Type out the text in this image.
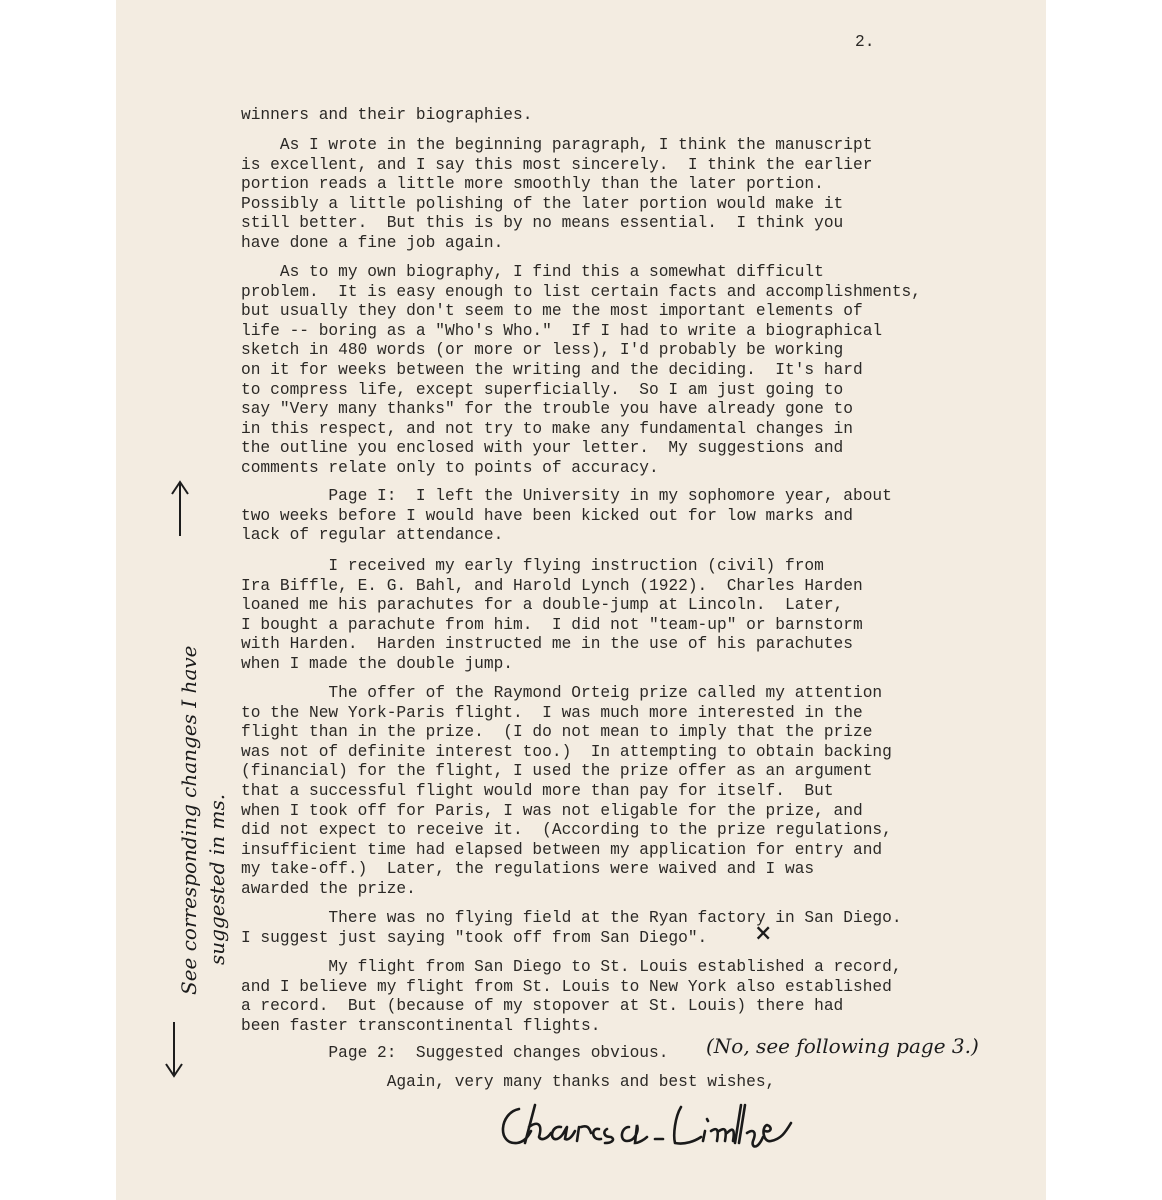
2.
winners and their biographies.
As I wrote in the beginning paragraph, I think the manuscript
is excellent, and I say this most sincerely.  I think the earlier
portion reads a little more smoothly than the later portion.
Possibly a little polishing of the later portion would make it
still better.  But this is by no means essential.  I think you
have done a fine job again.
As to my own biography, I find this a somewhat difficult
problem.  It is easy enough to list certain facts and accomplishments,
but usually they don't seem to me the most important elements of
life -- boring as a "Who's Who."  If I had to write a biographical
sketch in 480 words (or more or less), I'd probably be working
on it for weeks between the writing and the deciding.  It's hard
to compress life, except superficially.  So I am just going to
say "Very many thanks" for the trouble you have already gone to
in this respect, and not try to make any fundamental changes in
the outline you enclosed with your letter.  My suggestions and
comments relate only to points of accuracy.
Page I:  I left the University in my sophomore year, about
two weeks before I would have been kicked out for low marks and
lack of regular attendance.
I received my early flying instruction (civil) from
Ira Biffle, E. G. Bahl, and Harold Lynch (1922).  Charles Harden
loaned me his parachutes for a double-jump at Lincoln.  Later,
I bought a parachute from him.  I did not "team-up" or barnstorm
with Harden.  Harden instructed me in the use of his parachutes
when I made the double jump.
The offer of the Raymond Orteig prize called my attention
to the New York-Paris flight.  I was much more interested in the
flight than in the prize.  (I do not mean to imply that the prize
was not of definite interest too.)  In attempting to obtain backing
(financial) for the flight, I used the prize offer as an argument
that a successful flight would more than pay for itself.  But
when I took off for Paris, I was not eligable for the prize, and
did not expect to receive it.  (According to the prize regulations,
insufficient time had elapsed between my application for entry and
my take-off.)  Later, the regulations were waived and I was
awarded the prize.
There was no flying field at the Ryan factory in San Diego.
I suggest just saying "took off from San Diego".
My flight from San Diego to St. Louis established a record,
and I believe my flight from St. Louis to New York also established
a record.  But (because of my stopover at St. Louis) there had
been faster transcontinental flights.
Page 2:  Suggested changes obvious.
Again, very many thanks and best wishes,
See corresponding changes I have suggested in ms.	×
(No, see following page 3.)
